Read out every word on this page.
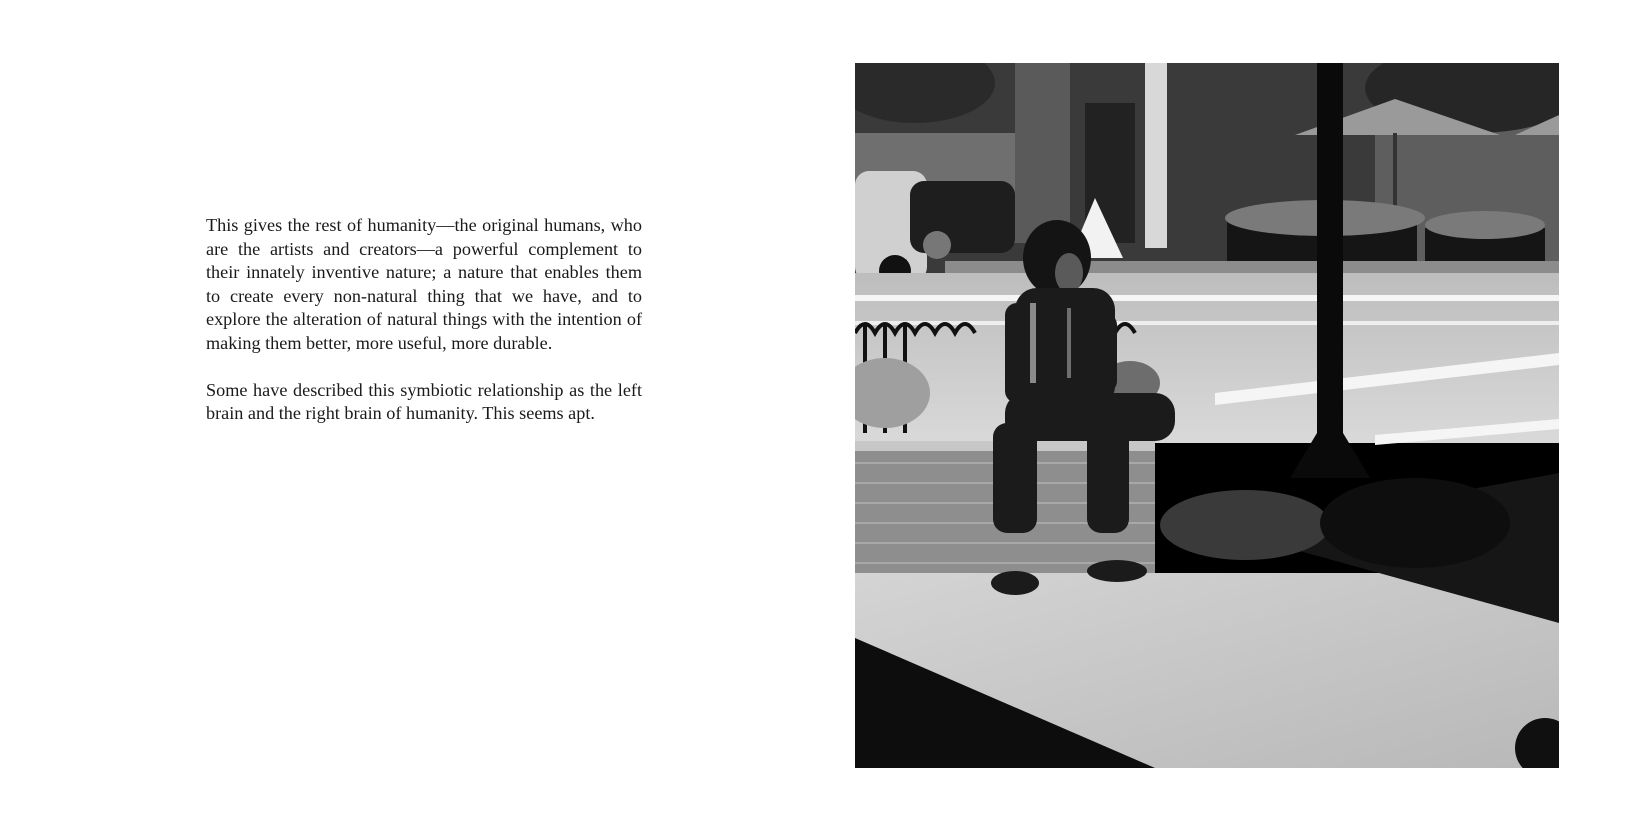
This gives the rest of humanity—the original humans, who are the artists and creators—a powerful complement to their innately inventive nature; a nature that enables them to create every non-natural thing that we have, and to explore the alteration of natural things with the intention of making them better, more useful, more durable.

Some have described this symbiotic relationship as the left brain and the right brain of humanity. This seems apt.
